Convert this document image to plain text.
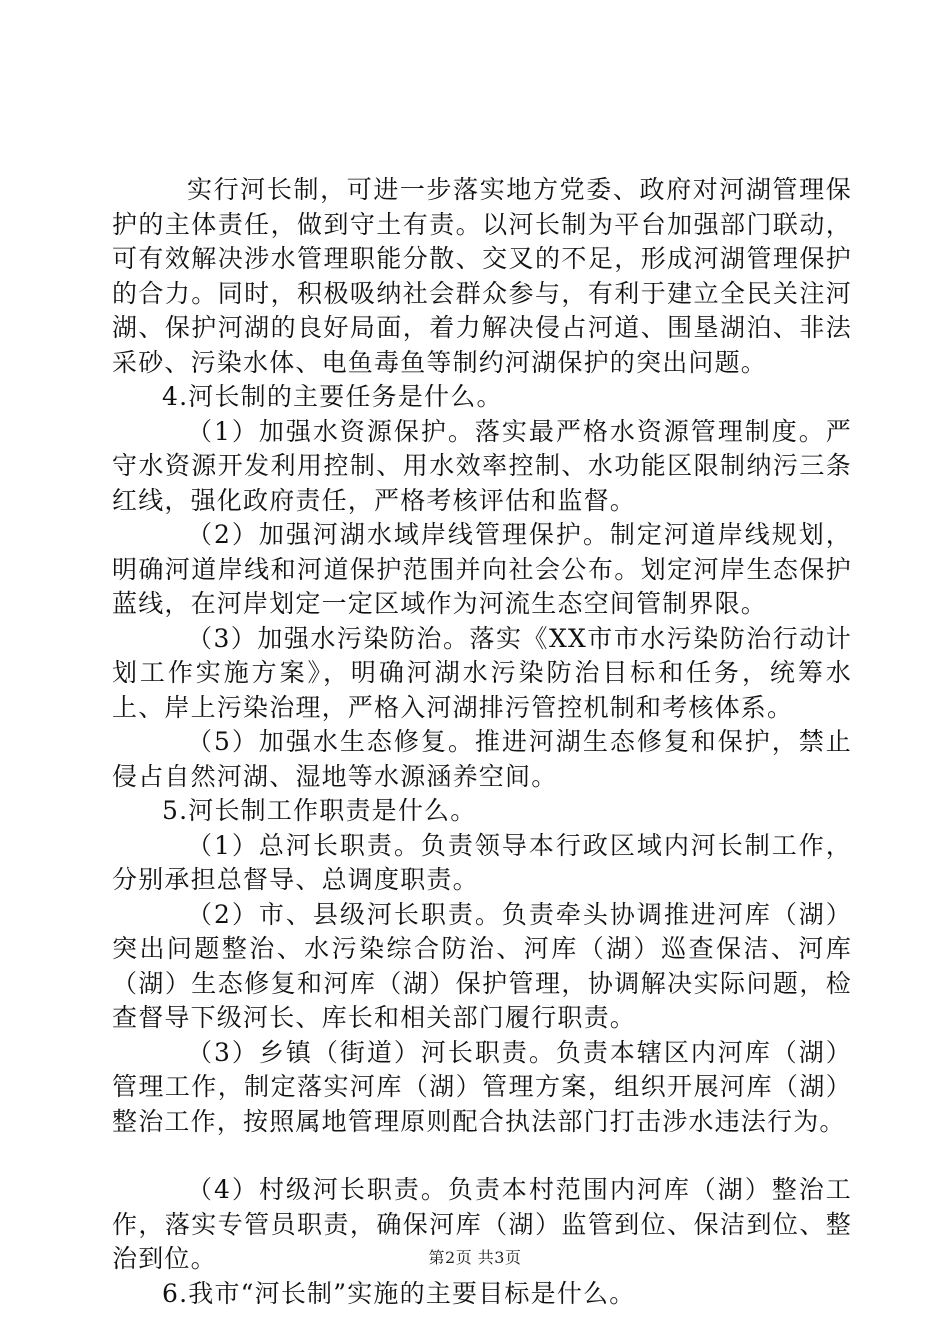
实行河长制，可进一步落实地方党委、政府对河湖管理保护的主体责任，做到守土有责。以河长制为平台加强部门联动，可有效解决涉水管理职能分散、交叉的不足，形成河湖管理保护的合力。同时，积极吸纳社会群众参与，有利于建立全民关注河湖、保护河湖的良好局面，着力解决侵占河道、围垦湖泊、非法采砂、污染水体、电鱼毒鱼等制约河湖保护的突出问题。

4.河长制的主要任务是什么。

（1）加强水资源保护。落实最严格水资源管理制度。严守水资源开发利用控制、用水效率控制、水功能区限制纳污三条红线，强化政府责任，严格考核评估和监督。

（2）加强河湖水域岸线管理保护。制定河道岸线规划，明确河道岸线和河道保护范围并向社会公布。划定河岸生态保护蓝线，在河岸划定一定区域作为河流生态空间管制界限。

（3）加强水污染防治。落实《XX市市水污染防治行动计划工作实施方案》，明确河湖水污染防治目标和任务，统筹水上、岸上污染治理，严格入河湖排污管控机制和考核体系。

（5）加强水生态修复。推进河湖生态修复和保护，禁止侵占自然河湖、湿地等水源涵养空间。

5.河长制工作职责是什么。

（1）总河长职责。负责领导本行政区域内河长制工作，分别承担总督导、总调度职责。

（2）市、县级河长职责。负责牵头协调推进河库（湖）突出问题整治、水污染综合防治、河库（湖）巡查保洁、河库（湖）生态修复和河库（湖）保护管理，协调解决实际问题，检查督导下级河长、库长和相关部门履行职责。

（3）乡镇（街道）河长职责。负责本辖区内河库（湖）管理工作，制定落实河库（湖）管理方案，组织开展河库（湖）整治工作，按照属地管理原则配合执法部门打击涉水违法行为。

（4）村级河长职责。负责本村范围内河库（湖）整治工作，落实专管员职责，确保河库（湖）监管到位、保洁到位、整治到位。

6.我市“河长制”实施的主要目标是什么。

第2页 共3页
